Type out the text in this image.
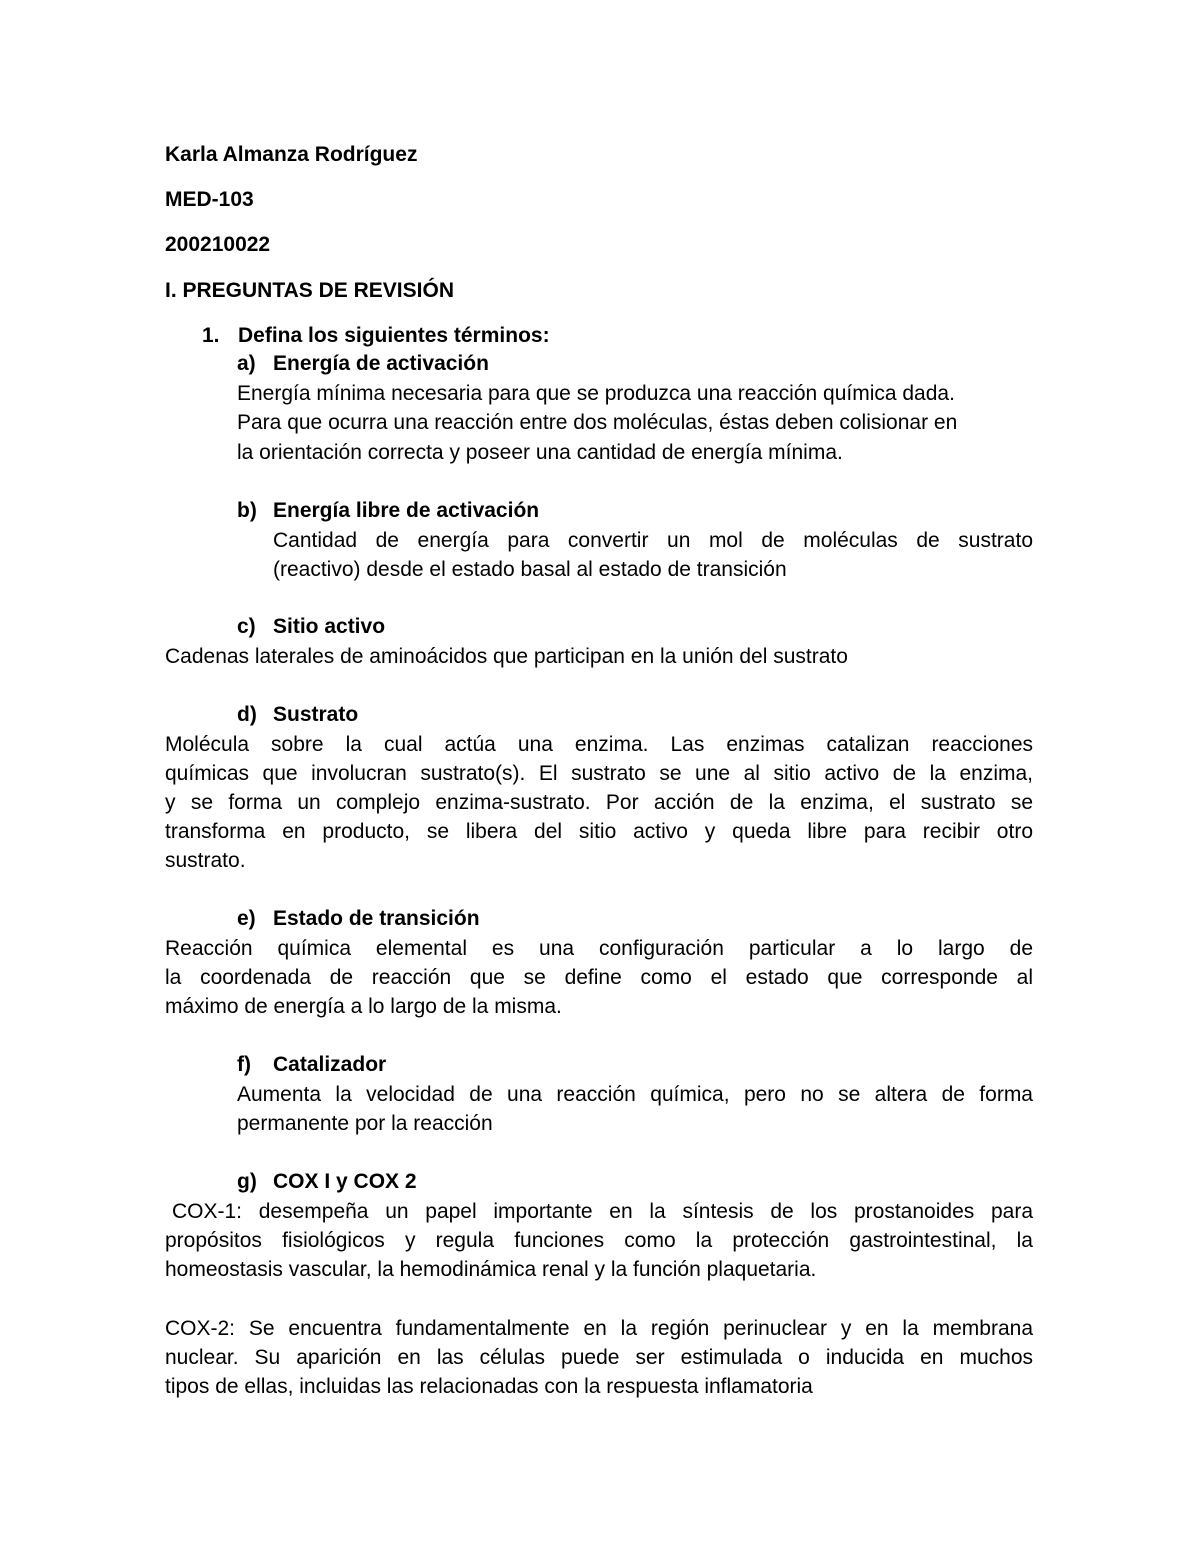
Karla Almanza Rodríguez
MED-103
200210022
I. PREGUNTAS DE REVISIÓN
1. Defina los siguientes términos:
a) Energía de activación
Energía mínima necesaria para que se produzca una reacción química dada.
Para que ocurra una reacción entre dos moléculas, éstas deben colisionar en
la orientación correcta y poseer una cantidad de energía mínima.
b) Energía libre de activación
Cantidad de energía para convertir un mol de moléculas de sustrato
(reactivo) desde el estado basal al estado de transición
c) Sitio activo
Cadenas laterales de aminoácidos que participan en la unión del sustrato
d) Sustrato
Molécula sobre la cual actúa una enzima. Las enzimas catalizan reacciones
químicas que involucran sustrato(s). El sustrato se une al sitio activo de la enzima,
y se forma un complejo enzima-sustrato. Por acción de la enzima, el sustrato se
transforma en producto, se libera del sitio activo y queda libre para recibir otro
sustrato.
e) Estado de transición
Reacción química elemental es una configuración particular a lo largo de
la coordenada de reacción que se define como el estado que corresponde al
máximo de energía a lo largo de la misma.
f) Catalizador
Aumenta la velocidad de una reacción química, pero no se altera de forma
permanente por la reacción
g) COX I y COX 2
COX-1: desempeña un papel importante en la síntesis de los prostanoides para
propósitos fisiológicos y regula funciones como la protección gastrointestinal, la
homeostasis vascular, la hemodinámica renal y la función plaquetaria.
COX-2: Se encuentra fundamentalmente en la región perinuclear y en la membrana
nuclear. Su aparición en las células puede ser estimulada o inducida en muchos
tipos de ellas, incluidas las relacionadas con la respuesta inflamatoria
